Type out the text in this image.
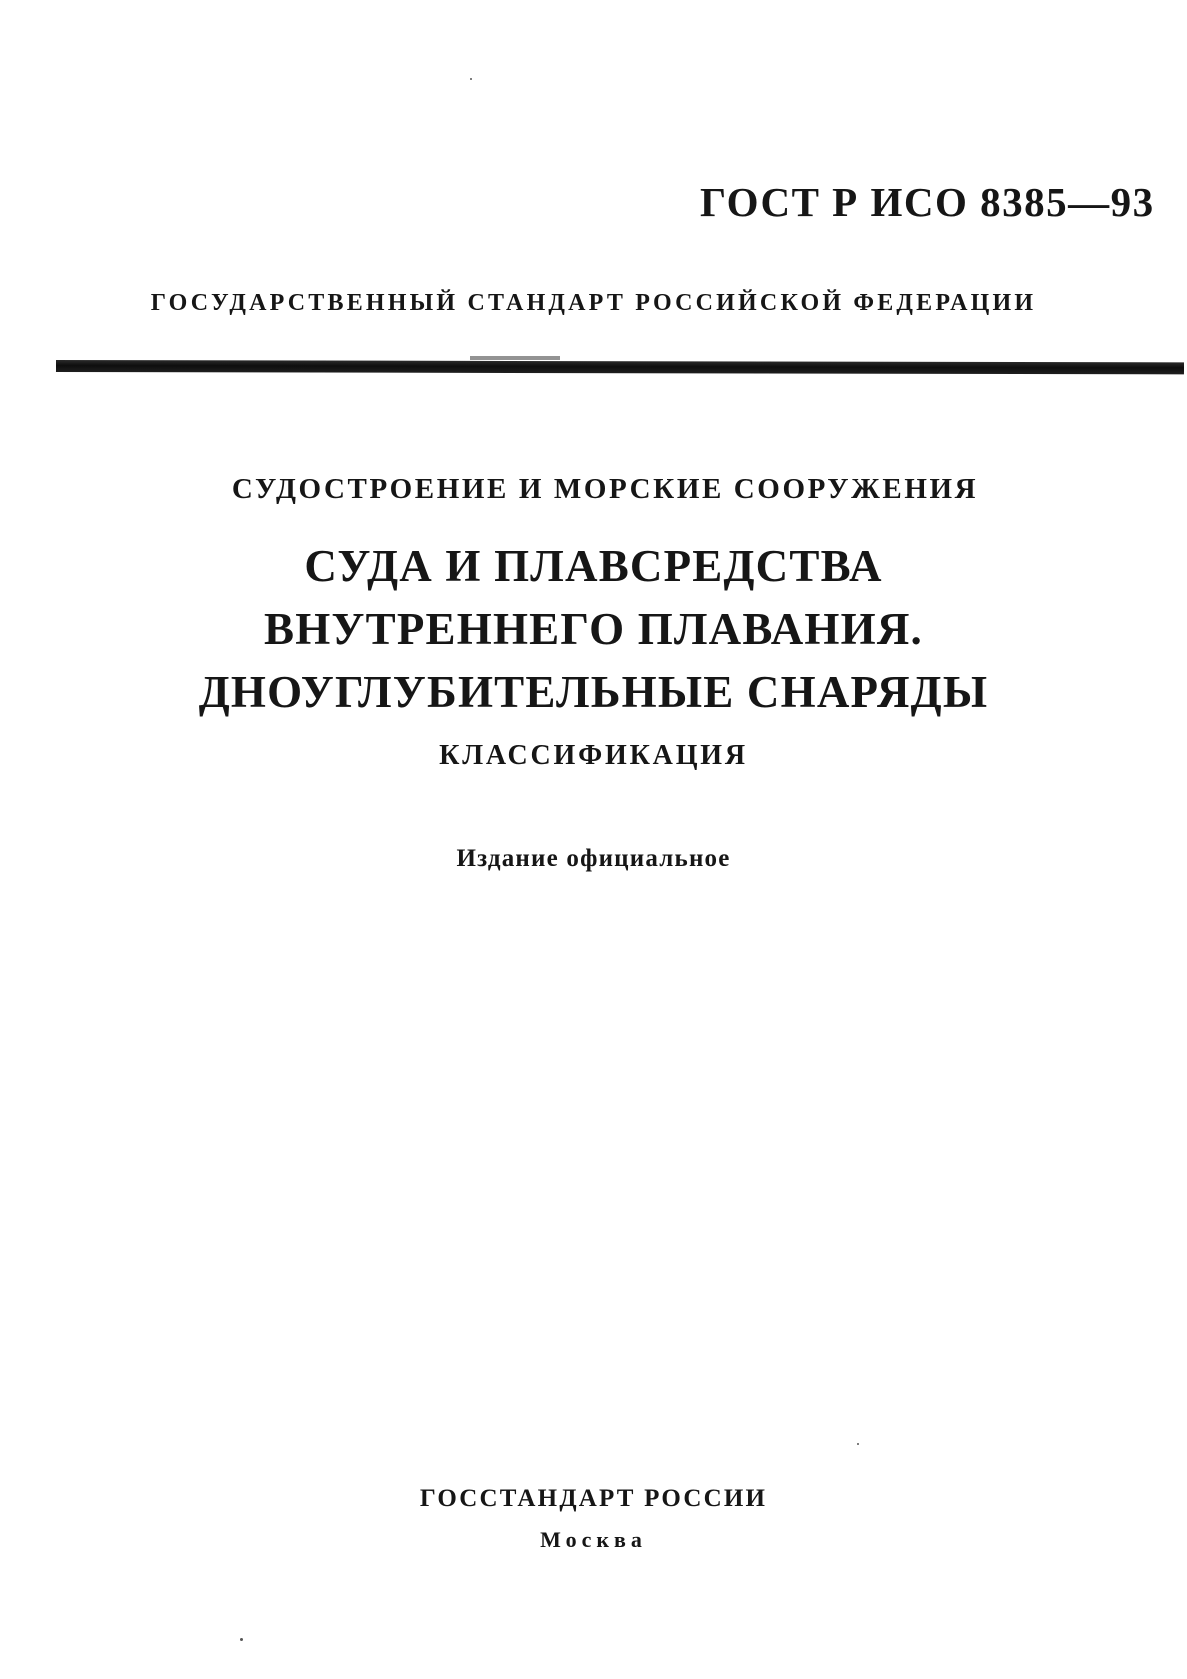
ГОСТ Р ИСО 8385—93
ГОСУДАРСТВЕННЫЙ СТАНДАРТ РОССИЙСКОЙ ФЕДЕРАЦИИ
СУДОСТРОЕНИЕ И МОРСКИЕ СООРУЖЕНИЯ
СУДА И ПЛАВСРЕДСТВА
ВНУТРЕННЕГО ПЛАВАНИЯ.
ДНОУГЛУБИТЕЛЬНЫЕ СНАРЯДЫ
КЛАССИФИКАЦИЯ
Издание официальное
ГОССТАНДАРТ РОССИИ
Москва
